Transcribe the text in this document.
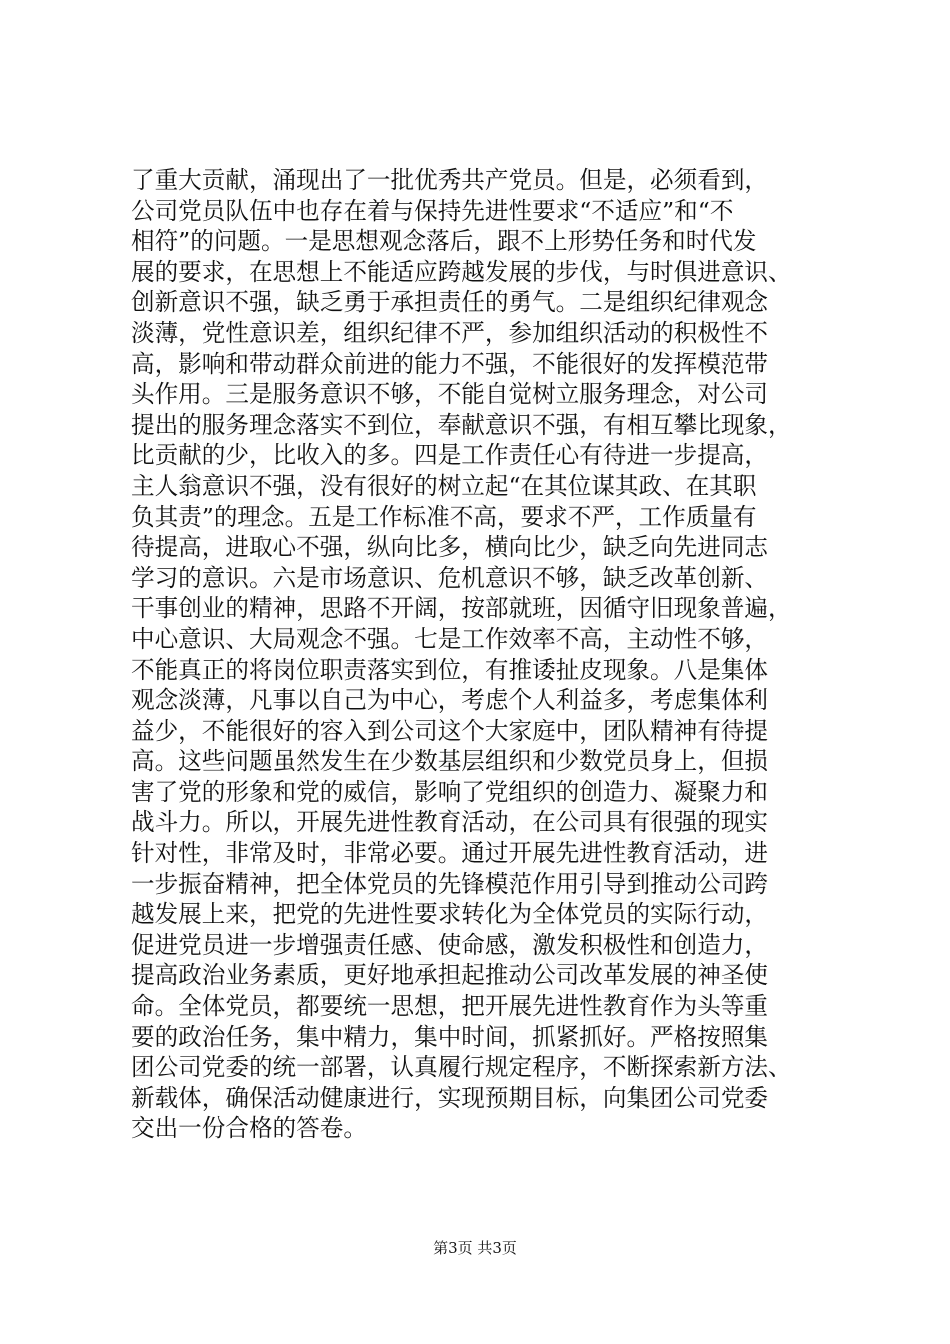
了重大贡献，涌现出了一批优秀共产党员。但是，必须看到，
公司党员队伍中也存在着与保持先进性要求“不适应”和“不
相符”的问题。一是思想观念落后，跟不上形势任务和时代发
展的要求，在思想上不能适应跨越发展的步伐，与时俱进意识、
创新意识不强，缺乏勇于承担责任的勇气。二是组织纪律观念
淡薄，党性意识差，组织纪律不严，参加组织活动的积极性不
高，影响和带动群众前进的能力不强，不能很好的发挥模范带
头作用。三是服务意识不够，不能自觉树立服务理念，对公司
提出的服务理念落实不到位，奉献意识不强，有相互攀比现象，
比贡献的少，比收入的多。四是工作责任心有待进一步提高，
主人翁意识不强，没有很好的树立起“在其位谋其政、在其职
负其责”的理念。五是工作标准不高，要求不严，工作质量有
待提高，进取心不强，纵向比多，横向比少，缺乏向先进同志
学习的意识。六是市场意识、危机意识不够，缺乏改革创新、
干事创业的精神，思路不开阔，按部就班，因循守旧现象普遍，
中心意识、大局观念不强。七是工作效率不高，主动性不够，
不能真正的将岗位职责落实到位，有推诿扯皮现象。八是集体
观念淡薄，凡事以自己为中心，考虑个人利益多，考虑集体利
益少，不能很好的容入到公司这个大家庭中，团队精神有待提
高。这些问题虽然发生在少数基层组织和少数党员身上，但损
害了党的形象和党的威信，影响了党组织的创造力、凝聚力和
战斗力。所以，开展先进性教育活动，在公司具有很强的现实
针对性，非常及时，非常必要。通过开展先进性教育活动，进
一步振奋精神，把全体党员的先锋模范作用引导到推动公司跨
越发展上来，把党的先进性要求转化为全体党员的实际行动，
促进党员进一步增强责任感、使命感，激发积极性和创造力，
提高政治业务素质，更好地承担起推动公司改革发展的神圣使
命。全体党员，都要统一思想，把开展先进性教育作为头等重
要的政治任务，集中精力，集中时间，抓紧抓好。严格按照集
团公司党委的统一部署，认真履行规定程序，不断探索新方法、
新载体，确保活动健康进行，实现预期目标，向集团公司党委
交出一份合格的答卷。
第3页 共3页
